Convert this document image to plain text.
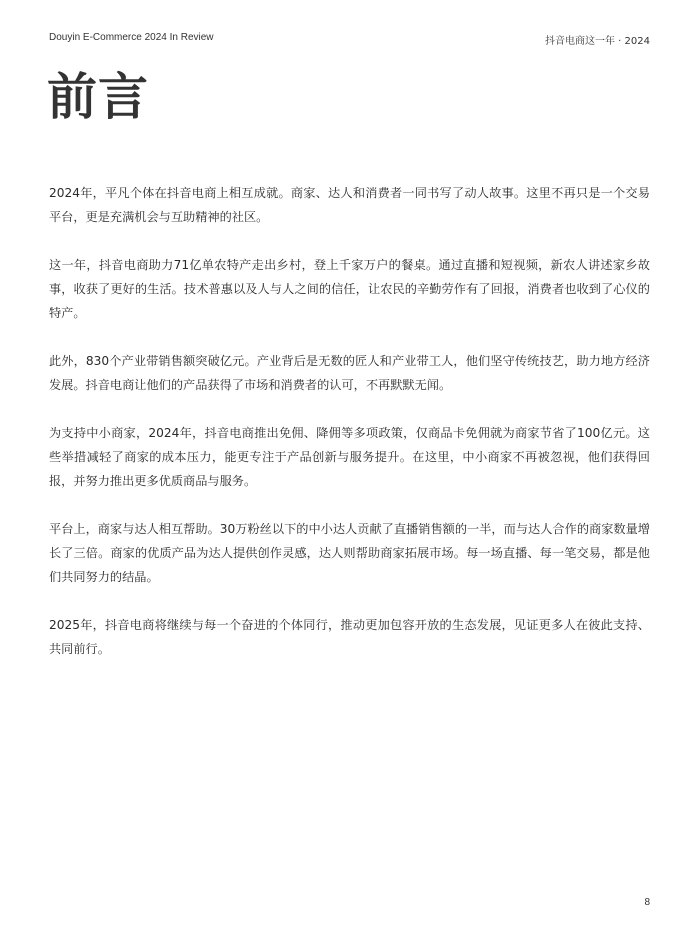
Douyin E-Commerce 2024 In Review	抖音电商这一年 · 2024
前言

2024年，平凡个体在抖音电商上相互成就。商家、达人和消费者一同书写了动人故事。这里不再只是一个交易平台，更是充满机会与互助精神的社区。

这一年，抖音电商助力71亿单农特产走出乡村，登上千家万户的餐桌。通过直播和短视频，新农人讲述家乡故事，收获了更好的生活。技术普惠以及人与人之间的信任，让农民的辛勤劳作有了回报，消费者也收到了心仪的特产。

此外，830个产业带销售额突破亿元。产业背后是无数的匠人和产业带工人，他们坚守传统技艺，助力地方经济发展。抖音电商让他们的产品获得了市场和消费者的认可，不再默默无闻。

为支持中小商家，2024年，抖音电商推出免佣、降佣等多项政策，仅商品卡免佣就为商家节省了100亿元。这些举措减轻了商家的成本压力，能更专注于产品创新与服务提升。在这里，中小商家不再被忽视，他们获得回报，并努力推出更多优质商品与服务。

平台上，商家与达人相互帮助。30万粉丝以下的中小达人贡献了直播销售额的一半，而与达人合作的商家数量增长了三倍。商家的优质产品为达人提供创作灵感，达人则帮助商家拓展市场。每一场直播、每一笔交易，都是他们共同努力的结晶。

2025年，抖音电商将继续与每一个奋进的个体同行，推动更加包容开放的生态发展，见证更多人在彼此支持、共同前行。

8
